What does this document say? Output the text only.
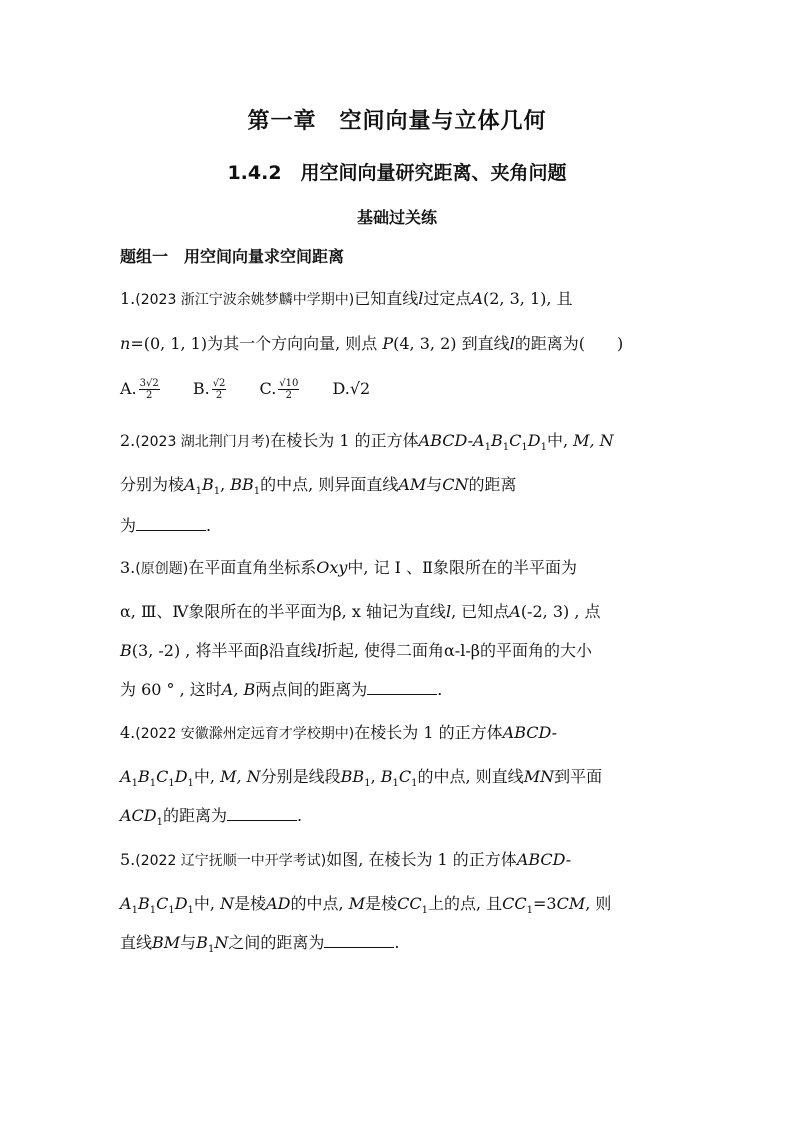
第一章　空间向量与立体几何
1.4.2　用空间向量研究距离、夹角问题
基础过关练
题组一　用空间向量求空间距离
1.(2023 浙江宁波余姚梦麟中学期中)已知直线l过定点A(2, 3, 1), 且
n=(0, 1, 1)为其一个方向向量, 则点 P(4, 3, 2) 到直线l的距离为(　　)
A. $\frac{3√2}{2} B$. $\frac{√2}{2} C$. $\frac{√10}{2} D.√2$
2.(2023 湖北荆门月考)在棱长为 1 的正方体ABCD-$A_1B_1C_1D_1$中, M, N
分别为棱$A_1B_1$, $BB_1$的中点, 则异面直线AM与CN的距离
为	.
3.(原创题)在平面直角坐标系Oxy中, 记 Ⅰ 、Ⅱ象限所在的半平面为
α, Ⅲ、Ⅳ象限所在的半平面为β, x 轴记为直线l, 已知点A(-2, 3) , 点
B(3, -2) , 将半平面β沿直线l折起, 使得二面角α-l-β的平面角的大小
为 60 ° , 这时A, B两点间的距离为	.
4.(2022 安徽滁州定远育才学校期中)在棱长为 1 的正方体ABCD-
$A_1B_1C_1D_1$中, M, N分别是线段$BB_1$, $B_1C_1$的中点, 则直线MN到平面
$ACD_1$的距离为	.
5.(2022 辽宁抚顺一中开学考试)如图, 在棱长为 1 的正方体ABCD-
$A_1B_1C_1D_1$中, N是棱AD的中点, M是棱$CC_1$上的点, 且$CC_1=3CM$, 则
直线BM与$B_1N$之间的距离为	.
